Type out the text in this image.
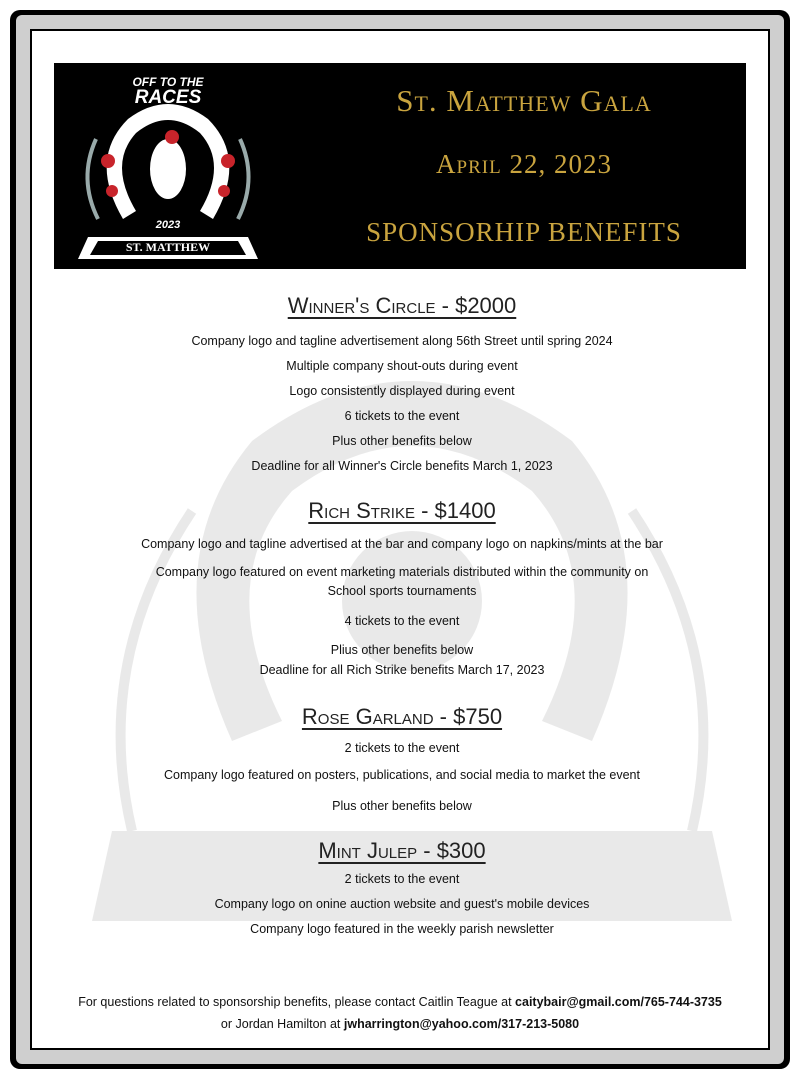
OFF TO THE
RACES
2023
ST. MATTHEW
St. Matthew Gala
April 22, 2023
SPONSORHIP BENEFITS

Winner's Circle - $2000

Company logo and tagline advertisement along 56th Street until spring 2024

Multiple company shout-outs during event

Logo consistently displayed during event

6 tickets to the event

Plus other benefits below

Deadline for all Winner's Circle benefits March 1, 2023

Rich Strike - $1400

Company logo and tagline advertised at the bar and company logo on napkins/mints at the bar

Company logo featured on event marketing materials distributed within the community on

School sports tournaments

4 tickets to the event

Plius other benefits below

Deadline for all Rich Strike benefits March 17, 2023

Rose Garland - $750

2 tickets to the event

Company logo featured on posters, publications, and social media to market the event

Plus other benefits below

Mint Julep - $300

2 tickets to the event

Company logo on onine auction website and guest's mobile devices

Company logo featured in the weekly parish newsletter

For questions related to sponsorship benefits, please contact Caitlin Teague at caitybair@gmail.com/765-744-3735
or Jordan Hamilton at jwharrington@yahoo.com/317-213-5080
